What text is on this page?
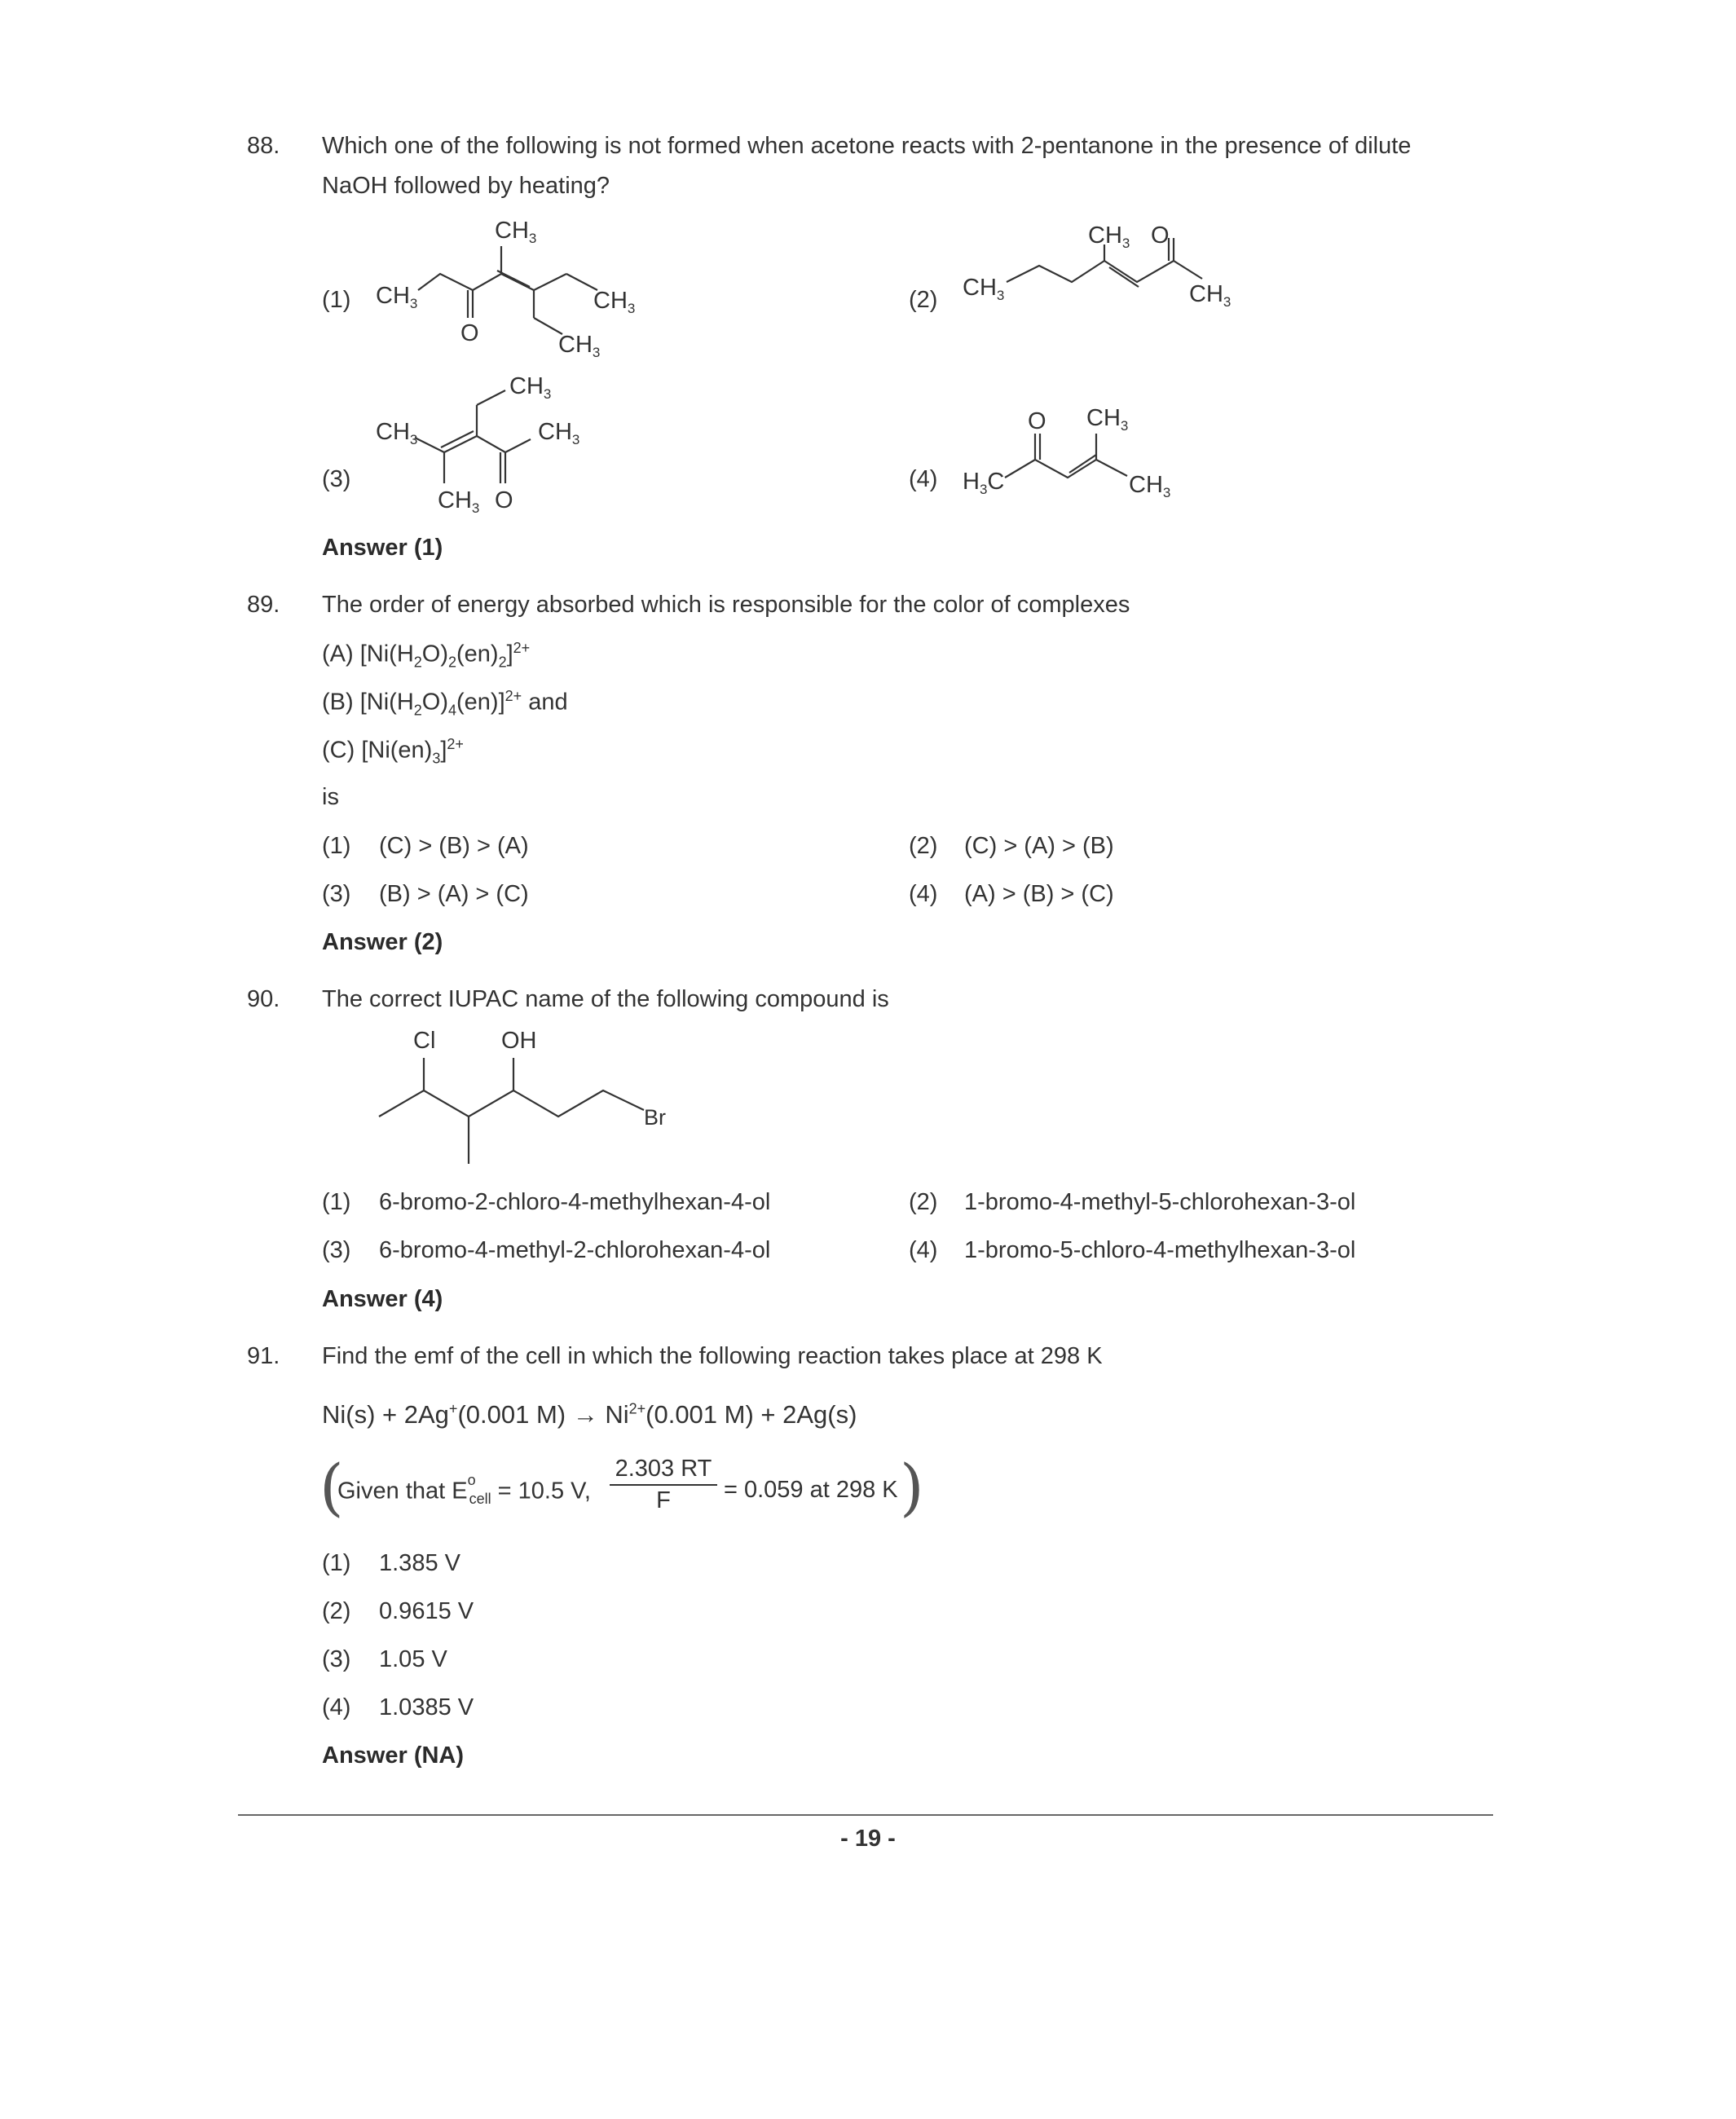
88. Which one of the following is not formed when acetone reacts with 2-pentanone in the presence of dilute
NaOH followed by heating?
(1)	(2)
(3)	(4)
$CH_3$
$CH_3$
$CH_3$
$CH_3$
O
$CH_3$
$CH_3$ O
$CH_3$
$CH_3$
$CH_3$	$CH_3$
$CH_3$ O
$H_3C$
O $CH_3$
$CH_3$
Answer (1)
89. The order of energy absorbed which is responsible for the color of complexes
(A) $[Ni(H_2O)_2(en)_2]^{2+}$
(B) $[Ni(H_2O)_4(en)]^{2+}$ and
(C) $[Ni(en)_3]^{2+}$
is
(1) (C) > (B) > (A)	(2) (C) > (A) > (B)
(3) (B) > (A) > (C)	(4) (A) > (B) > (C)
Answer (2)
90. The correct IUPAC name of the following compound is
Cl	OH
Br
(1) 6-bromo-2-chloro-4-methylhexan-4-ol	(2) 1-bromo-4-methyl-5-chlorohexan-3-ol
(3) 6-bromo-4-methyl-2-chlorohexan-4-ol	(4) 1-bromo-5-chloro-4-methylhexan-3-ol
Answer (4)
91. Find the emf of the cell in which the following reaction takes place at 298 K
Ni(s) + 2Ag+(0.001 $M) \to Ni^{2+}(0.001$ M) + 2Ag(s)
(
Given that $E^o_{cell} = 10.5$ V, $\frac{2.303 RT}{F} = 0.059$ at 298 K )
(1) 1.385 V
(2) 0.9615 V
(3) 1.05 V
(4) 1.0385 V
Answer (NA)
- 19 -
